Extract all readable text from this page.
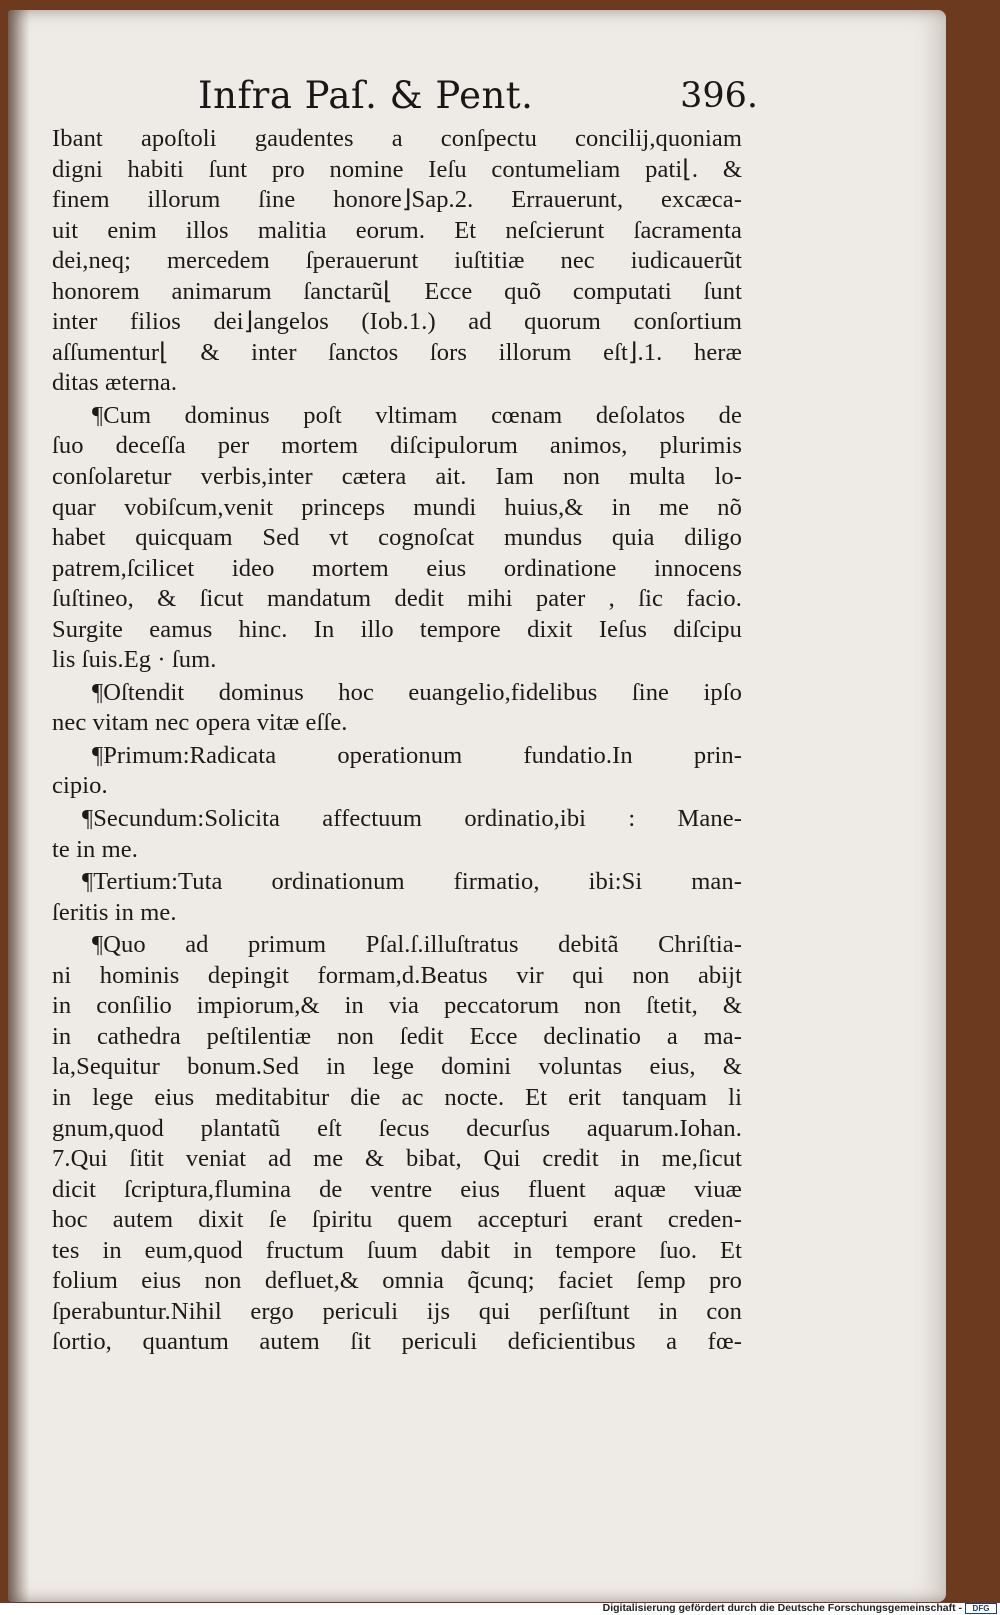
Infra Paſ. & Pent.	396.
Ibant apoſtoli gaudentes a conſpectu concilij,quoniam
digni habiti ſunt pro nomine Ieſu contumeliam pati⌊. &
finem illorum ſine honore⌋Sap.2. Errauerunt, excæca-
uit enim illos malitia eorum. Et neſcierunt ſacramenta
dei,neq; mercedem ſperauerunt iuſtitiæ nec iudicauerũt
honorem animarum ſanctarũ⌊ Ecce quõ computati ſunt
inter filios dei⌋angelos (Iob.1.) ad quorum conſortium
aſſumentur⌊ & inter ſanctos ſors illorum eſt⌋.1. heræ
ditas æterna.
¶Cum dominus poſt vltimam cœnam deſolatos de
ſuo deceſſa per mortem diſcipulorum animos, plurimis
conſolaretur verbis,inter cætera ait. Iam non multa lo-
quar vobiſcum,venit princeps mundi huius,& in me nõ
habet quicquam Sed vt cognoſcat mundus quia diligo
patrem,ſcilicet ideo mortem eius ordinatione innocens
ſuſtineo, & ſicut mandatum dedit mihi pater , ſic facio.
Surgite eamus hinc. In illo tempore dixit Ieſus diſcipu
lis ſuis.Eg · ſum.
¶Oſtendit dominus hoc euangelio,fidelibus ſine ipſo
nec vitam nec opera vitæ eſſe.
¶Primum:Radicata operationum fundatio.In prin-
cipio.
¶Secundum:Solicita affectuum ordinatio,ibi : Mane-
te in me.
¶Tertium:Tuta ordinationum firmatio, ibi:Si man-
ſeritis in me.
¶Quo ad primum Pſal.ſ.illuſtratus debitã Chriſtia-
ni hominis depingit formam,d.Beatus vir qui non abijt
in conſilio impiorum,& in via peccatorum non ſtetit, &
in cathedra peſtilentiæ non ſedit Ecce declinatio a ma-
la,Sequitur bonum.Sed in lege domini voluntas eius, &
in lege eius meditabitur die ac nocte. Et erit tanquam li
gnum,quod plantatũ eſt ſecus decurſus aquarum.Iohan.
7.Qui ſitit veniat ad me & bibat, Qui credit in me,ſicut
dicit ſcriptura,flumina de ventre eius fluent aquæ viuæ
hoc autem dixit ſe ſpiritu quem accepturi erant creden-
tes in eum,quod fructum ſuum dabit in tempore ſuo. Et
folium eius non defluet,& omnia q̃cunq; faciet ſemp pro
ſperabuntur.Nihil ergo periculi ijs qui perſiſtunt in con
ſortio, quantum autem ſit periculi deficientibus a fœ-
Digitalisierung gefördert durch die Deutsche Forschungsgemeinschaft -	DFG
